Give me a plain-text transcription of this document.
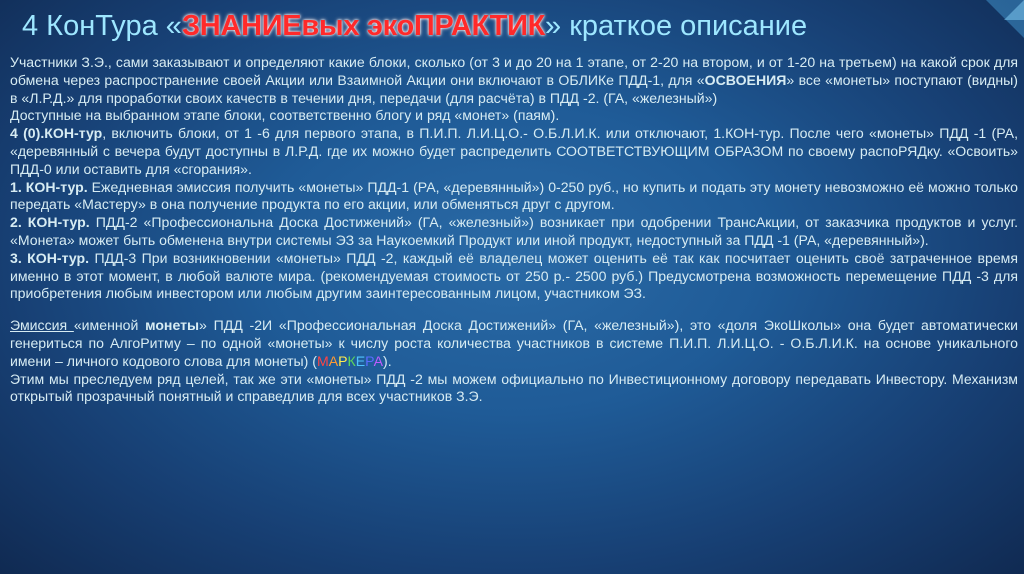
4 КонТура «ЗНАНИЕвых экоПРАКТИК» краткое описание

Участники З.Э., сами заказывают и определяют какие блоки, сколько (от 3 и до 20 на 1 этапе, от 2-20 на втором, и от 1-20 на третьем) на какой срок для обмена через распространение своей Акции или Взаимной Акции они включают в ОБЛИКе ПДД-1, для «ОСВОЕНИЯ» все «монеты» поступают (видны) в «Л.Р.Д.» для проработки своих качеств в течении дня, передачи (для расчёта) в ПДД -2. (ГА, «железный»)

Доступные на выбранном этапе блоки, соответственно блогу и ряд «монет» (паям).

4 (0).КОН-тур, включить блоки, от 1 -6 для первого этапа, в П.И.П. Л.И.Ц.О.- О.Б.Л.И.К. или отключают, 1.КОН-тур. После чего «монеты» ПДД -1 (РА, «деревянный с вечера будут доступны в Л.Р.Д. где их можно будет распределить СООТВЕТСТВУЮЩИМ ОБРАЗОМ по своему распоРЯДку. «Освоить» ПДД-0 или оставить для «сгорания».

1. КОН-тур. Ежедневная эмиссия получить «монеты» ПДД-1 (РА, «деревянный») 0-250 руб., но купить и подать эту монету невозможно её можно только передать «Мастеру» в она получение продукта по его акции, или обменяться друг с другом.

2. КОН-тур. ПДД-2 «Профессиональна Доска Достижений» (ГА, «железный») возникает при одобрении ТрансАкции, от заказчика продуктов и услуг. «Монета» может быть обменена внутри системы ЭЗ за Наукоемкий Продукт или иной продукт, недоступный за ПДД -1 (РА, «деревянный»).

3. КОН-тур. ПДД-3 При возникновении «монеты» ПДД -2, каждый её владелец может оценить её так как посчитает оценить своё затраченное время именно в этот момент, в любой валюте мира. (рекомендуемая стоимость от 250 р.- 2500 руб.) Предусмотрена возможность перемещение ПДД -3 для приобретения любым инвестором или любым другим заинтересованным лицом, участником ЭЗ.

Эмиссия «именной монеты» ПДД -2И «Профессиональная Доска Достижений» (ГА, «железный»), это «доля ЭкоШколы» она будет автоматически генериться по АлгоРитму – по одной «монеты» к числу роста количества участников в системе П.И.П. Л.И.Ц.О. - О.Б.Л.И.К. на основе уникального имени – личного кодового слова для монеты) (МАРКЕРА).

Этим мы преследуем ряд целей, так же эти «монеты» ПДД -2 мы можем официально по Инвестиционному договору передавать Инвестору. Механизм открытый прозрачный понятный и справедлив для всех участников З.Э.
